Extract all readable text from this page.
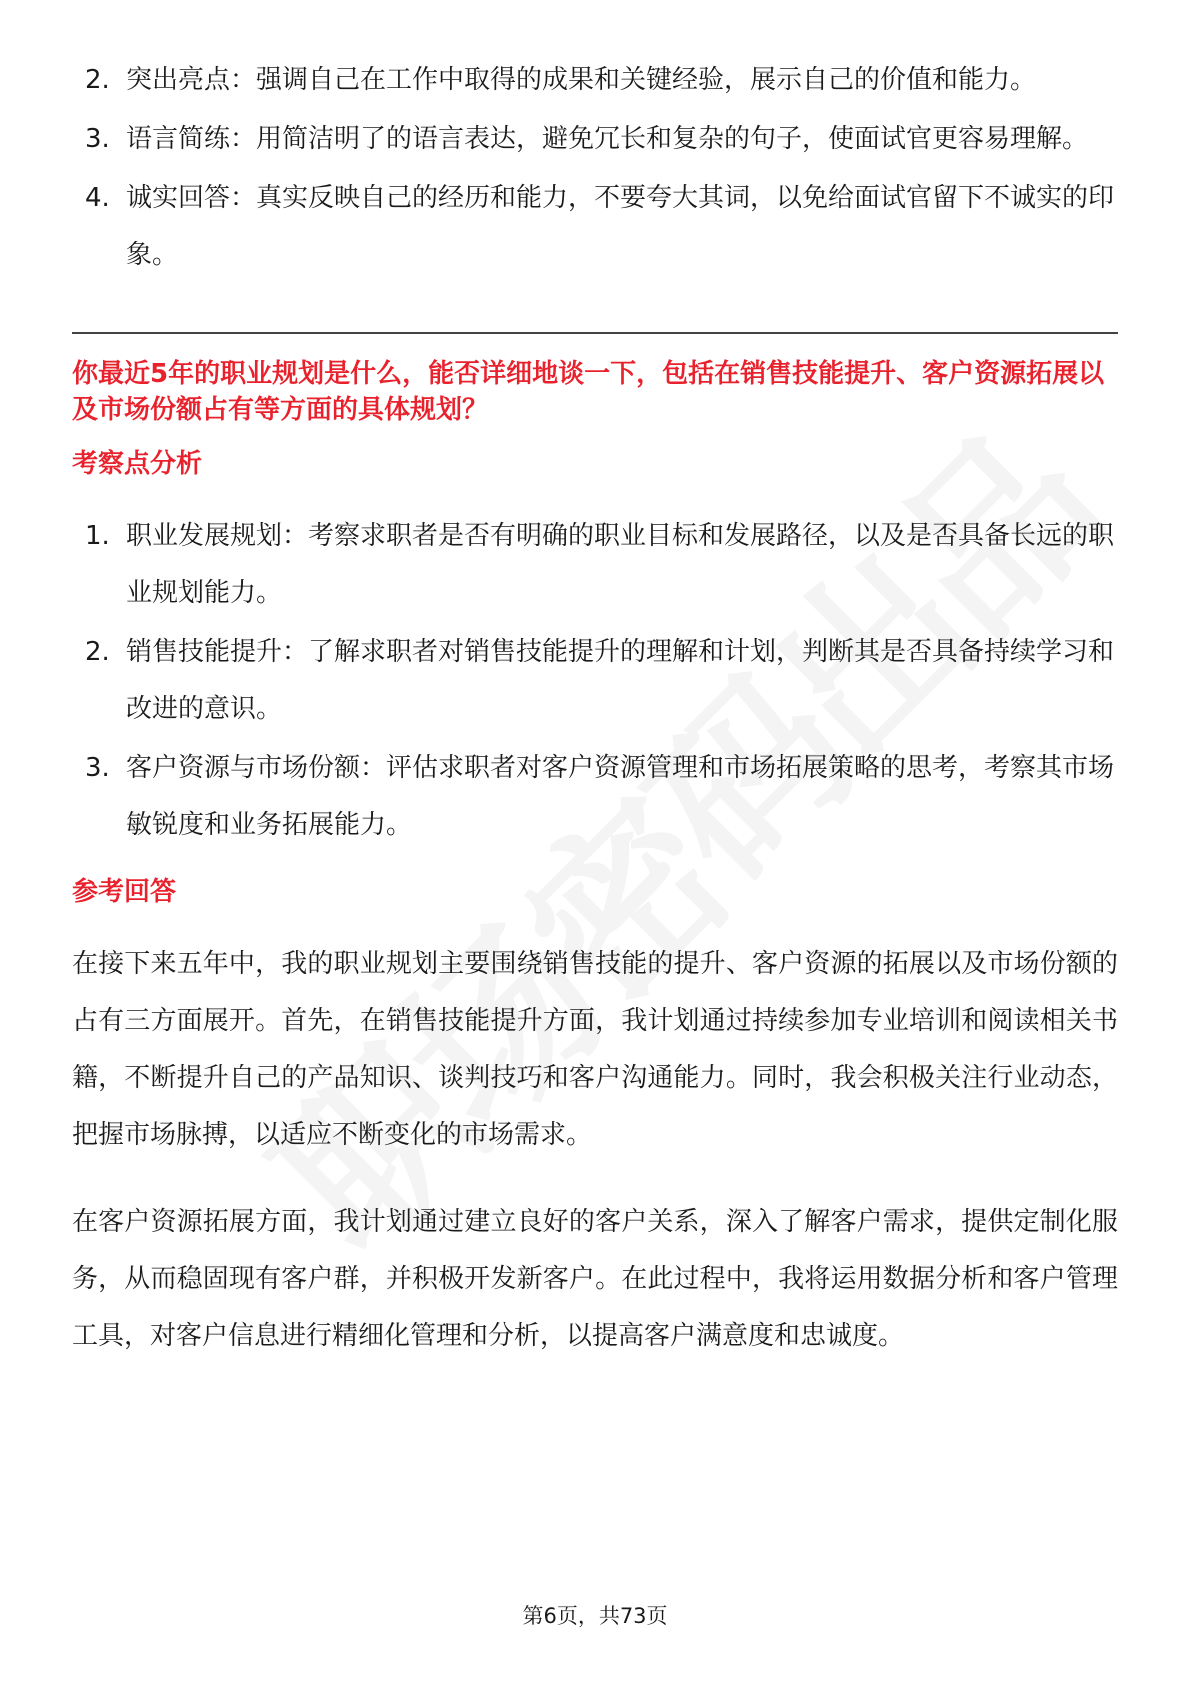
2. 突出亮点：强调自己在工作中取得的成果和关键经验，展示自己的价值和能力。
3. 语言简练：用简洁明了的语言表达，避免冗长和复杂的句子，使面试官更容易理解。
4. 诚实回答：真实反映自己的经历和能力，不要夸大其词，以免给面试官留下不诚实的印象。
你最近5年的职业规划是什么，能否详细地谈一下，包括在销售技能提升、客户资源拓展以及市场份额占有等方面的具体规划？
考察点分析
1. 职业发展规划：考察求职者是否有明确的职业目标和发展路径，以及是否具备长远的职业规划能力。
2. 销售技能提升：了解求职者对销售技能提升的理解和计划，判断其是否具备持续学习和改进的意识。
3. 客户资源与市场份额：评估求职者对客户资源管理和市场拓展策略的思考，考察其市场敏锐度和业务拓展能力。
参考回答

在接下来五年中，我的职业规划主要围绕销售技能的提升、客户资源的拓展以及市场份额的占有三方面展开。首先，在销售技能提升方面，我计划通过持续参加专业培训和阅读相关书籍，不断提升自己的产品知识、谈判技巧和客户沟通能力。同时，我会积极关注行业动态，把握市场脉搏，以适应不断变化的市场需求。

在客户资源拓展方面，我计划通过建立良好的客户关系，深入了解客户需求，提供定制化服务，从而稳固现有客户群，并积极开发新客户。在此过程中，我将运用数据分析和客户管理工具，对客户信息进行精细化管理和分析，以提高客户满意度和忠诚度。

第6页，共73页
